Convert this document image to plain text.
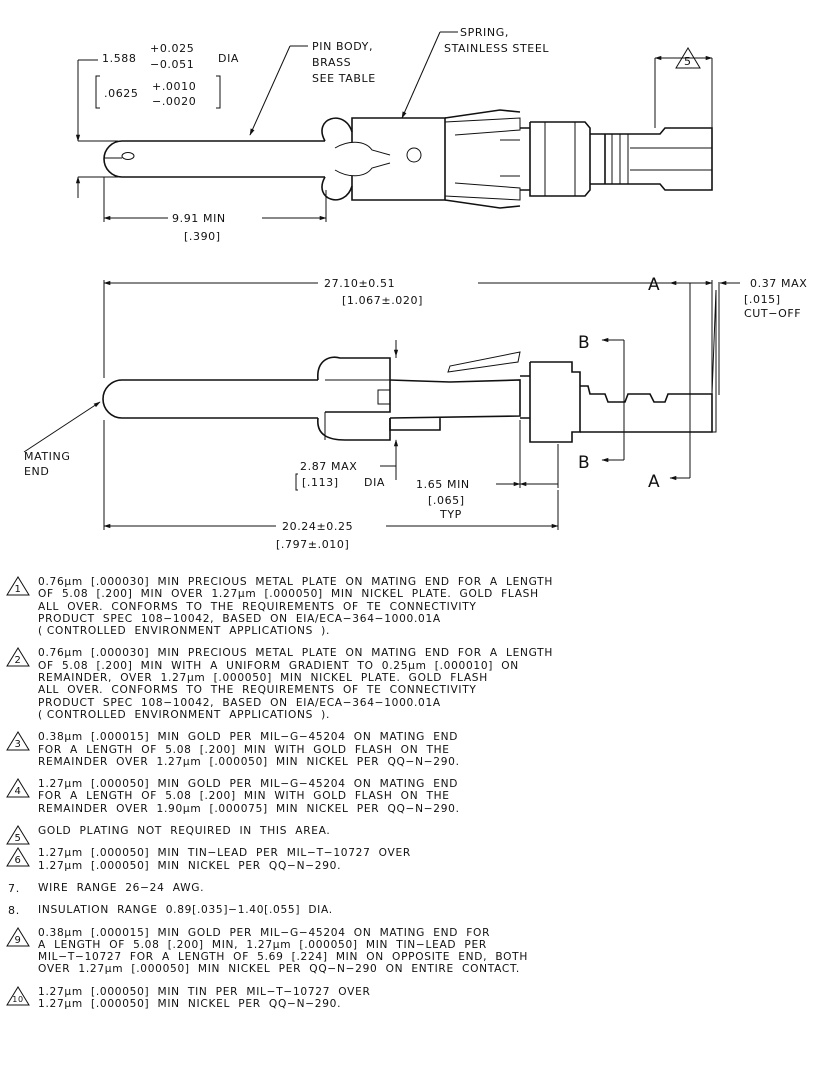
5
1.588
+0.025
−0.051 DIA
.0625
+.0010
−.0020
PIN BODY,
BRASS
SEE TABLE
SPRING,
STAINLESS STEEL
9.91 MIN
[.390]
27.10±0.51
[1.067±.020]
0.37 MAX
[.015]
CUT−OFF
A
A
B
B
MATING
END	2.87 MAX
[.113] DIA	1.65 MIN
[.065]
TYP
20.24±0.25
[.797±.010]
1
0.76μm  [.000030]  MIN  PRECIOUS  METAL  PLATE  ON  MATING  END  FOR  A  LENGTH
OF  5.08  [.200]  MIN  OVER  1.27μm  [.000050]  MIN  NICKEL  PLATE.  GOLD  FLASH
ALL  OVER.  CONFORMS  TO  THE  REQUIREMENTS  OF  TE  CONNECTIVITY
PRODUCT  SPEC  108−10042,  BASED  ON  EIA/ECA−364−1000.01A
( CONTROLLED  ENVIRONMENT  APPLICATIONS  ).
2
0.76μm  [.000030]  MIN  PRECIOUS  METAL  PLATE  ON  MATING  END  FOR  A  LENGTH
OF  5.08  [.200]  MIN  WITH  A  UNIFORM  GRADIENT  TO  0.25μm  [.000010]  ON
REMAINDER,  OVER  1.27μm  [.000050]  MIN  NICKEL  PLATE.  GOLD  FLASH
ALL  OVER.  CONFORMS  TO  THE  REQUIREMENTS  OF  TE  CONNECTIVITY
PRODUCT  SPEC  108−10042,  BASED  ON  EIA/ECA−364−1000.01A
( CONTROLLED  ENVIRONMENT  APPLICATIONS  ).
3
0.38μm  [.000015]  MIN  GOLD  PER  MIL−G−45204  ON  MATING  END
FOR  A  LENGTH  OF  5.08  [.200]  MIN  WITH  GOLD  FLASH  ON  THE
REMAINDER  OVER  1.27μm  [.000050]  MIN  NICKEL  PER  QQ−N−290.
4
1.27μm  [.000050]  MIN  GOLD  PER  MIL−G−45204  ON  MATING  END
FOR  A  LENGTH  OF  5.08  [.200]  MIN  WITH  GOLD  FLASH  ON  THE
REMAINDER  OVER  1.90μm  [.000075]  MIN  NICKEL  PER  QQ−N−290.
5
GOLD  PLATING  NOT  REQUIRED  IN  THIS  AREA.
6
1.27μm  [.000050]  MIN  TIN−LEAD  PER  MIL−T−10727  OVER
1.27μm  [.000050]  MIN  NICKEL  PER  QQ−N−290.
7. WIRE  RANGE  26−24  AWG.
8. INSULATION  RANGE  0.89[.035]−1.40[.055]  DIA.
9
0.38μm  [.000015]  MIN  GOLD  PER  MIL−G−45204  ON  MATING  END  FOR
A  LENGTH  OF  5.08  [.200]  MIN,  1.27μm  [.000050]  MIN  TIN−LEAD  PER
MIL−T−10727  FOR  A  LENGTH  OF  5.69  [.224]  MIN  ON  OPPOSITE  END,  BOTH
OVER  1.27μm  [.000050]  MIN  NICKEL  PER  QQ−N−290  ON  ENTIRE  CONTACT.
10
1.27μm  [.000050]  MIN  TIN  PER  MIL−T−10727  OVER
1.27μm  [.000050]  MIN  NICKEL  PER  QQ−N−290.
